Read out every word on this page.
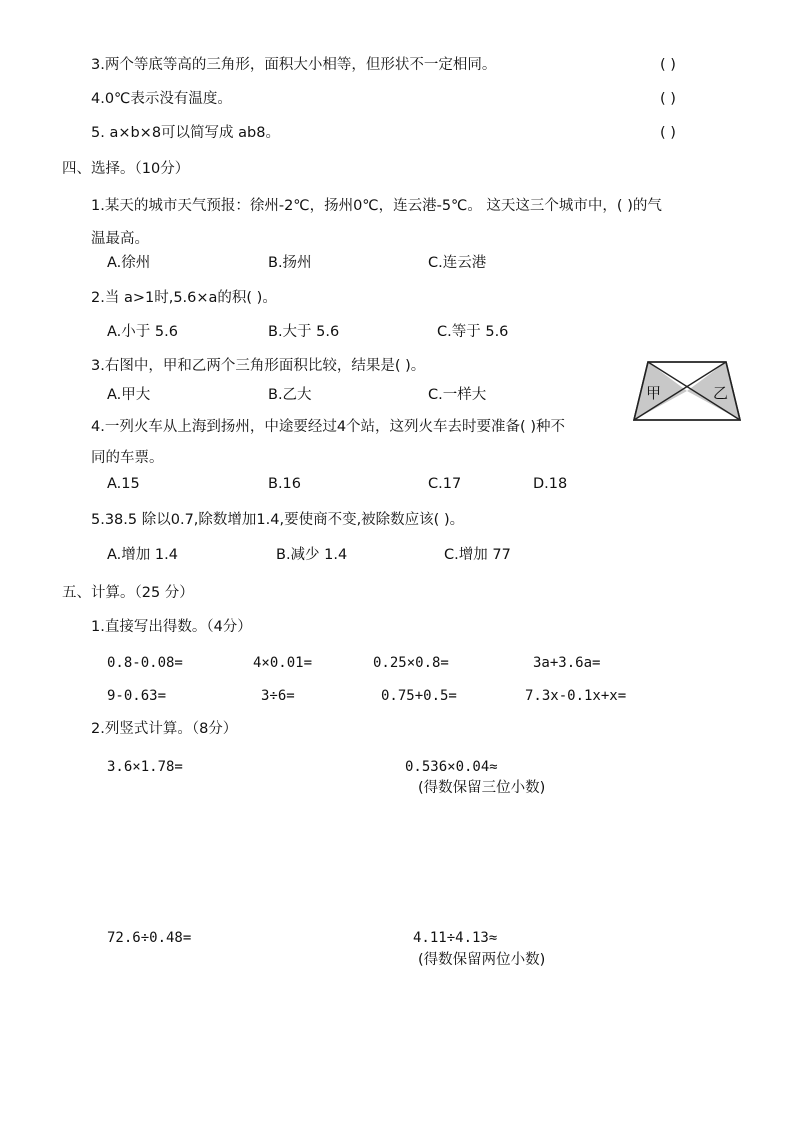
3.两个等底等高的三角形，面积大小相等，但形状不一定相同。	( )
4.0℃表示没有温度。	( )
5. a×b×8可以简写成 ab8。	( )
四、选择。（10分）
1.某天的城市天气预报：徐州-2℃，扬州0℃，连云港-5℃。 这天这三个城市中，( )的气
温最高。
A.徐州	B.扬州	C.连云港
2.当 a>1时,5.6×a的积( )。
A.小于 5.6	B.大于 5.6	C.等于 5.6
3.右图中，甲和乙两个三角形面积比较，结果是( )。
A.甲大	B.乙大	C.一样大	甲	乙
4.一列火车从上海到扬州，中途要经过4个站，这列火车去时要准备( )种不
同的车票。
A.15	B.16	C.17	D.18
5.38.5 除以0.7,除数增加1.4,要使商不变,被除数应该( )。
A.增加 1.4	B.减少 1.4	C.增加 77
五、计算。（25 分）
1.直接写出得数。（4分）
0.8-0.08=	4×0.01=	0.25×0.8=	3a+3.6a=
9-0.63=	3÷6=	0.75+0.5=	7.3x-0.1x+x=
2.列竖式计算。（8分）
3.6×1.78=	0.536×0.04≈
(得数保留三位小数)
72.6÷0.48=	4.11÷4.13≈
(得数保留两位小数)
